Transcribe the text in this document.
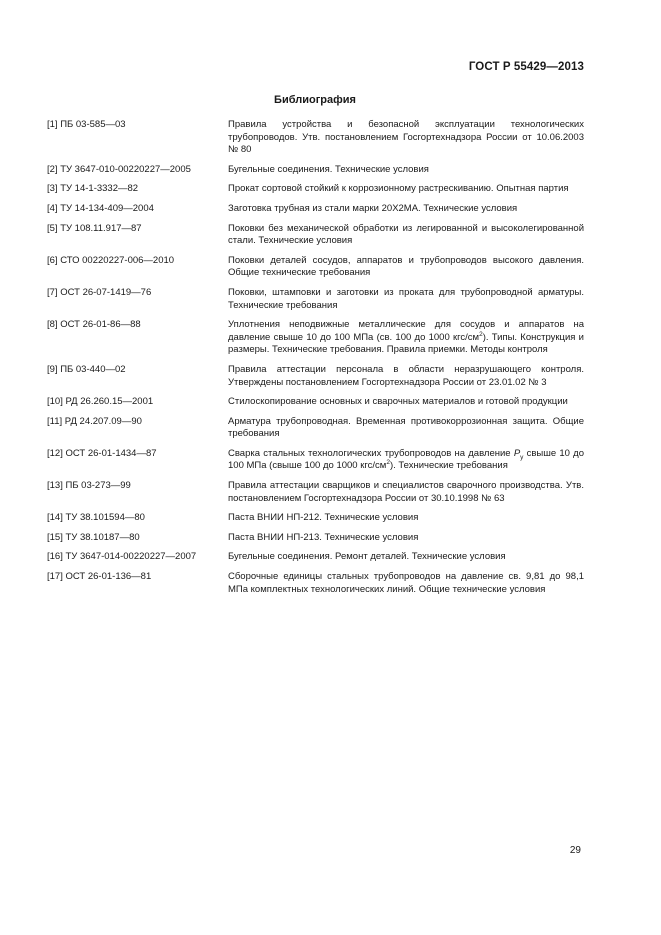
ГОСТ Р 55429—2013
Библиография
[1] ПБ 03-585—03	Правила устройства и безопасной эксплуатации технологических трубопроводов. Утв. постановлением Госгортехнадзора России от 10.06.2003 № 80
[2] ТУ 3647-010-00220227—2005	Бугельные соединения. Технические условия
[3] ТУ 14-1-3332—82	Прокат сортовой стойкий к коррозионному растрескиванию. Опытная партия
[4] ТУ 14-134-409—2004	Заготовка трубная из стали марки 20Х2МА. Технические условия
[5] ТУ 108.11.917—87	Поковки без механической обработки из легированной и высоколегированной стали. Технические условия
[6] СТО 00220227-006—2010	Поковки деталей сосудов, аппаратов и трубопроводов высокого давления. Общие технические требования
[7] ОСТ 26-07-1419—76	Поковки, штамповки и заготовки из проката для трубопроводной арматуры. Технические требования
[8] ОСТ 26-01-86—88	Уплотнения неподвижные металлические для сосудов и аппаратов на давление свыше 10 до 100 МПа (св. 100 до 1000 кгс/$см^2$). Типы. Конструкция и размеры. Технические требования. Правила приемки. Методы контроля
[9] ПБ 03-440—02	Правила аттестации персонала в области неразрушающего контроля. Утверждены постановлением Госгортехнадзора России от 23.01.02 № 3
[10] РД 26.260.15—2001	Стилоскопирование основных и сварочных материалов и готовой продукции
[11] РД 24.207.09—90	Арматура трубопроводная. Временная противокоррозионная защита. Общие требования
[12] ОСТ 26-01-1434—87	Сварка стальных технологических трубопроводов на давление $P_у$ свыше 10 до 100 МПа (свыше 100 до 1000 кгс/$см^2$). Технические требования
[13] ПБ 03-273—99	Правила аттестации сварщиков и специалистов сварочного производства. Утв. постановлением Госгортехнадзора России от 30.10.1998 № 63
[14] ТУ 38.101594—80	Паста ВНИИ НП-212. Технические условия
[15] ТУ 38.10187—80	Паста ВНИИ НП-213. Технические условия
[16] ТУ 3647-014-00220227—2007	Бугельные соединения. Ремонт деталей. Технические условия
[17] ОСТ 26-01-136—81	Сборочные единицы стальных трубопроводов на давление св. 9,81 до 98,1 МПа комплектных технологических линий. Общие технические условия
29
